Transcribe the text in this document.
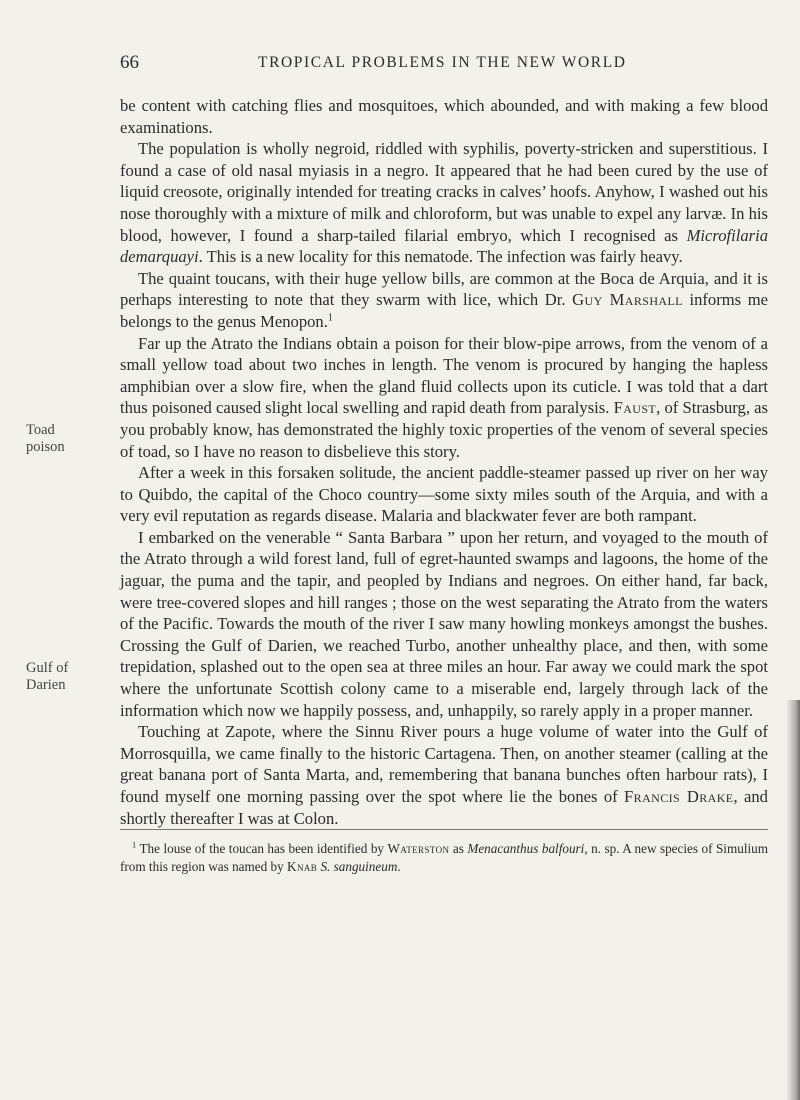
66	TROPICAL PROBLEMS IN THE NEW WORLD
Toad
poison
Gulf of
Darien

be content with catching flies and mosquitoes, which abounded, and with making a few blood examinations.

The population is wholly negroid, riddled with syphilis, poverty-stricken and superstitious. I found a case of old nasal myiasis in a negro. It appeared that he had been cured by the use of liquid creosote, originally intended for treating cracks in calves’ hoofs. Anyhow, I washed out his nose thoroughly with a mixture of milk and chloroform, but was unable to expel any larvæ. In his blood, however, I found a sharp-tailed filarial embryo, which I recognised as Microfilaria demarquayi. This is a new locality for this nematode. The infection was fairly heavy.

The quaint toucans, with their huge yellow bills, are common at the Boca de Arquia, and it is perhaps interesting to note that they swarm with lice, which Dr. Guy Marshall informs me belongs to the genus Menopon.$^1$

Far up the Atrato the Indians obtain a poison for their blow-pipe arrows, from the venom of a small yellow toad about two inches in length. The venom is procured by hanging the hapless amphibian over a slow fire, when the gland fluid collects upon its cuticle. I was told that a dart thus poisoned caused slight local swelling and rapid death from paralysis. Faust, of Strasburg, as you probably know, has demonstrated the highly toxic properties of the venom of several species of toad, so I have no reason to disbelieve this story.

After a week in this forsaken solitude, the ancient paddle-steamer passed up river on her way to Quibdo, the capital of the Choco country—some sixty miles south of the Arquia, and with a very evil reputation as regards disease. Malaria and blackwater fever are both rampant.

I embarked on the venerable “ Santa Barbara ” upon her return, and voyaged to the mouth of the Atrato through a wild forest land, full of egret-haunted swamps and lagoons, the home of the jaguar, the puma and the tapir, and peopled by Indians and negroes. On either hand, far back, were tree-covered slopes and hill ranges ; those on the west separating the Atrato from the waters of the Pacific. Towards the mouth of the river I saw many howling monkeys amongst the bushes. Crossing the Gulf of Darien, we reached Turbo, another unhealthy place, and then, with some trepidation, splashed out to the open sea at three miles an hour. Far away we could mark the spot where the unfortunate Scottish colony came to a miserable end, largely through lack of the information which now we happily possess, and, unhappily, so rarely apply in a proper manner.

Touching at Zapote, where the Sinnu River pours a huge volume of water into the Gulf of Morrosquilla, we came finally to the historic Cartagena. Then, on another steamer (calling at the great banana port of Santa Marta, and, remembering that banana bunches often harbour rats), I found myself one morning passing over the spot where lie the bones of Francis Drake, and shortly thereafter I was at Colon.

$^1$ The louse of the toucan has been identified by Waterston as Menacanthus balfouri, n. sp. A new species of Simulium from this region was named by Knab S. sanguineum.
